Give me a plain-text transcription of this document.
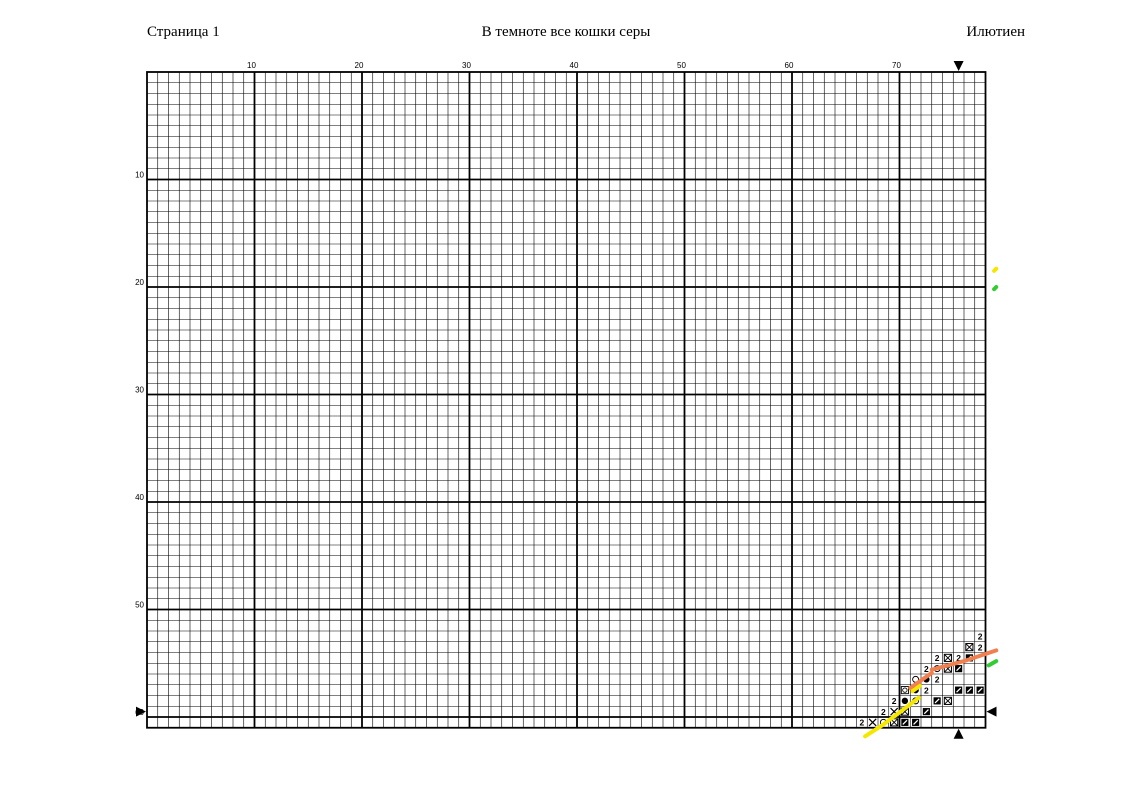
Страница 1	В темноте все кошки серы	Илютиен
10	20	30	40	50	60	70
10
20
30
40
50
2
2
2 2
2
2
2
2
2
2
